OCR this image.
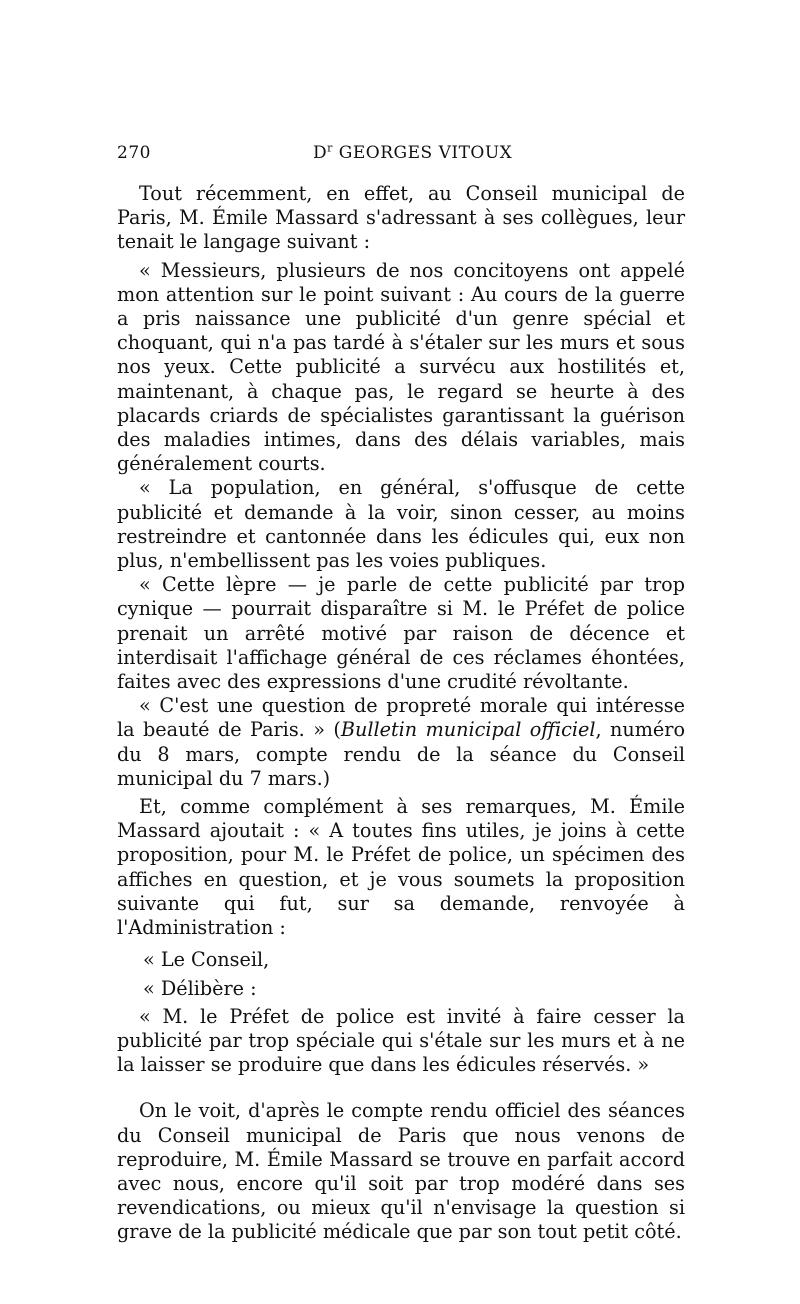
270	$D^r$ GEORGES VITOUX

Tout récemment, en effet, au Conseil municipal de Paris, M. Émile Massard s'adressant à ses collègues, leur tenait le langage suivant :

« Messieurs, plusieurs de nos concitoyens ont appelé mon attention sur le point suivant : Au cours de la guerre a pris naissance une publicité d'un genre spécial et choquant, qui n'a pas tardé à s'étaler sur les murs et sous nos yeux. Cette publicité a survécu aux hostilités et, maintenant, à chaque pas, le regard se heurte à des placards criards de spécialistes garantissant la guérison des maladies intimes, dans des délais variables, mais généralement courts.

« La population, en général, s'offusque de cette publicité et demande à la voir, sinon cesser, au moins restreindre et cantonnée dans les édicules qui, eux non plus, n'embellissent pas les voies publiques.

« Cette lèpre — je parle de cette publicité par trop cynique — pourrait disparaître si M. le Préfet de police prenait un arrêté motivé par raison de décence et interdisait l'affichage général de ces réclames éhontées, faites avec des expressions d'une crudité révoltante.

« C'est une question de propreté morale qui intéresse la beauté de Paris. » (Bulletin municipal officiel, numéro du 8 mars, compte rendu de la séance du Conseil municipal du 7 mars.)

Et, comme complément à ses remarques, M. Émile Massard ajoutait : « A toutes fins utiles, je joins à cette proposition, pour M. le Préfet de police, un spécimen des affiches en question, et je vous soumets la proposition suivante qui fut, sur sa demande, renvoyée à l'Administration :

« Le Conseil,

« Délibère :

« M. le Préfet de police est invité à faire cesser la publicité par trop spéciale qui s'étale sur les murs et à ne la laisser se produire que dans les édicules réservés. »

On le voit, d'après le compte rendu officiel des séances du Conseil municipal de Paris que nous venons de reproduire, M. Émile Massard se trouve en parfait accord avec nous, encore qu'il soit par trop modéré dans ses revendications, ou mieux qu'il n'envisage la question si grave de la publicité médicale que par son tout petit côté.
